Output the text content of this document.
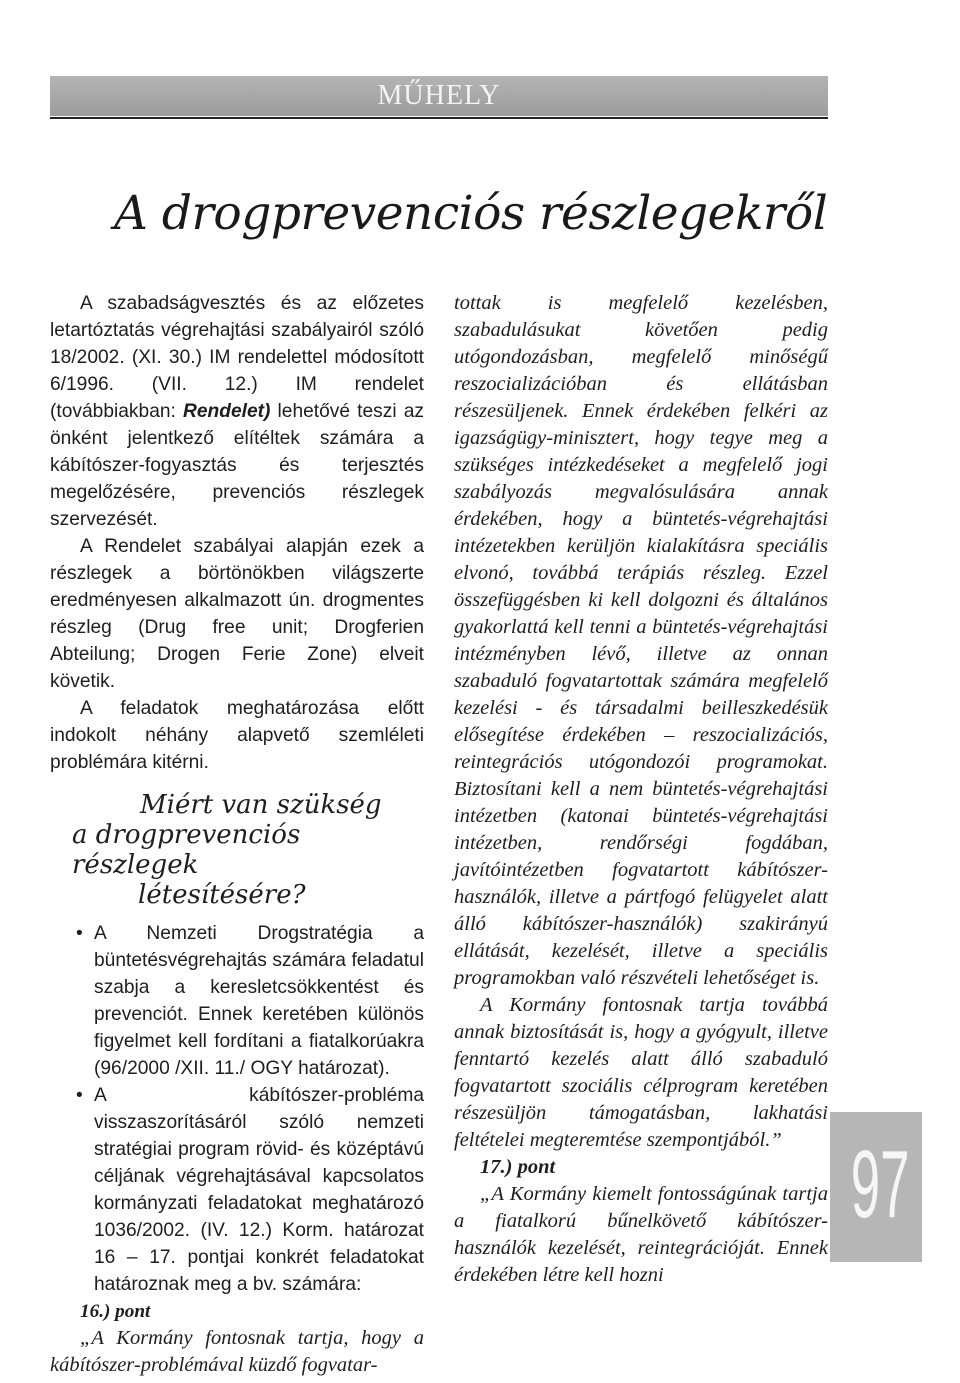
MŰHELY
A drogprevenciós részlegekről

A szabadságvesztés és az előzetes letartóztatás végrehajtási szabályairól szóló 18/2002. (XI. 30.) IM rendelettel módosított 6/1996. (VII. 12.) IM rendelet (továbbiakban: Rendelet) lehetővé teszi az önként jelentkező elítéltek számára a kábítószer-fogyasztás és terjesztés megelőzésére, prevenciós részlegek szervezését.

A Rendelet szabályai alapján ezek a részlegek a börtönökben világszerte eredményesen alkalmazott ún. drogmentes részleg (Drug free unit; Drogferien Abteilung; Drogen Ferie Zone) elveit követik.

A feladatok meghatározása előtt indokolt néhány alapvető szemléleti problémára kitérni.

Miért van szükség
a drogprevenciós részlegek
létesítésére?

• A Nemzeti Drogstratégia a büntetésvégrehajtás számára feladatul szabja a keresletcsökkentést és prevenciót. Ennek keretében különös figyelmet kell fordítani a fiatalkorúakra (96/2000 /XII. 11./ OGY határozat).

• A kábítószer-probléma visszaszorításáról szóló nemzeti stratégiai program rövid- és középtávú céljának végrehajtásával kapcsolatos kormányzati feladatokat meghatározó 1036/2002. (IV. 12.) Korm. határozat 16 – 17. pontjai konkrét feladatokat határoznak meg a bv. számára:

16.) pont

„A Kormány fontosnak tartja, hogy a kábítószer-problémával küzdő fogvatar-

tottak is megfelelő kezelésben, szabadulásukat követően pedig utógondozásban, megfelelő minőségű reszocializációban és ellátásban részesüljenek. Ennek érdekében felkéri az igazságügy-minisztert, hogy tegye meg a szükséges intézkedéseket a megfelelő jogi szabályozás megvalósulására annak érdekében, hogy a büntetés-végrehajtási intézetekben kerüljön kialakításra speciális elvonó, továbbá terápiás részleg. Ezzel összefüggésben ki kell dolgozni és általános gyakorlattá kell tenni a büntetés-végrehajtási intézményben lévő, illetve az onnan szabaduló fogvatartottak számára megfelelő kezelési - és társadalmi beilleszkedésük elősegítése érdekében – reszocializációs, reintegrációs utógondozói programokat. Biztosítani kell a nem büntetés-végrehajtási intézetben (katonai büntetés-végrehajtási intézetben, rendőrségi fogdában, javítóintézetben fogvatartott kábítószer-használók, illetve a pártfogó felügyelet alatt álló kábítószer-használók) szakirányú ellátását, kezelését, illetve a speciális programokban való részvételi lehetőséget is.

A Kormány fontosnak tartja továbbá annak biztosítását is, hogy a gyógyult, illetve fenntartó kezelés alatt álló szabaduló fogvatartott szociális célprogram keretében részesüljön támogatásban, lakhatási feltételei megteremtése szempontjából.”

17.) pont

„A Kormány kiemelt fontosságúnak tartja a fiatalkorú bűnelkövető kábítószer-használók kezelését, reintegrációját. Ennek érdekében létre kell hozni

97
